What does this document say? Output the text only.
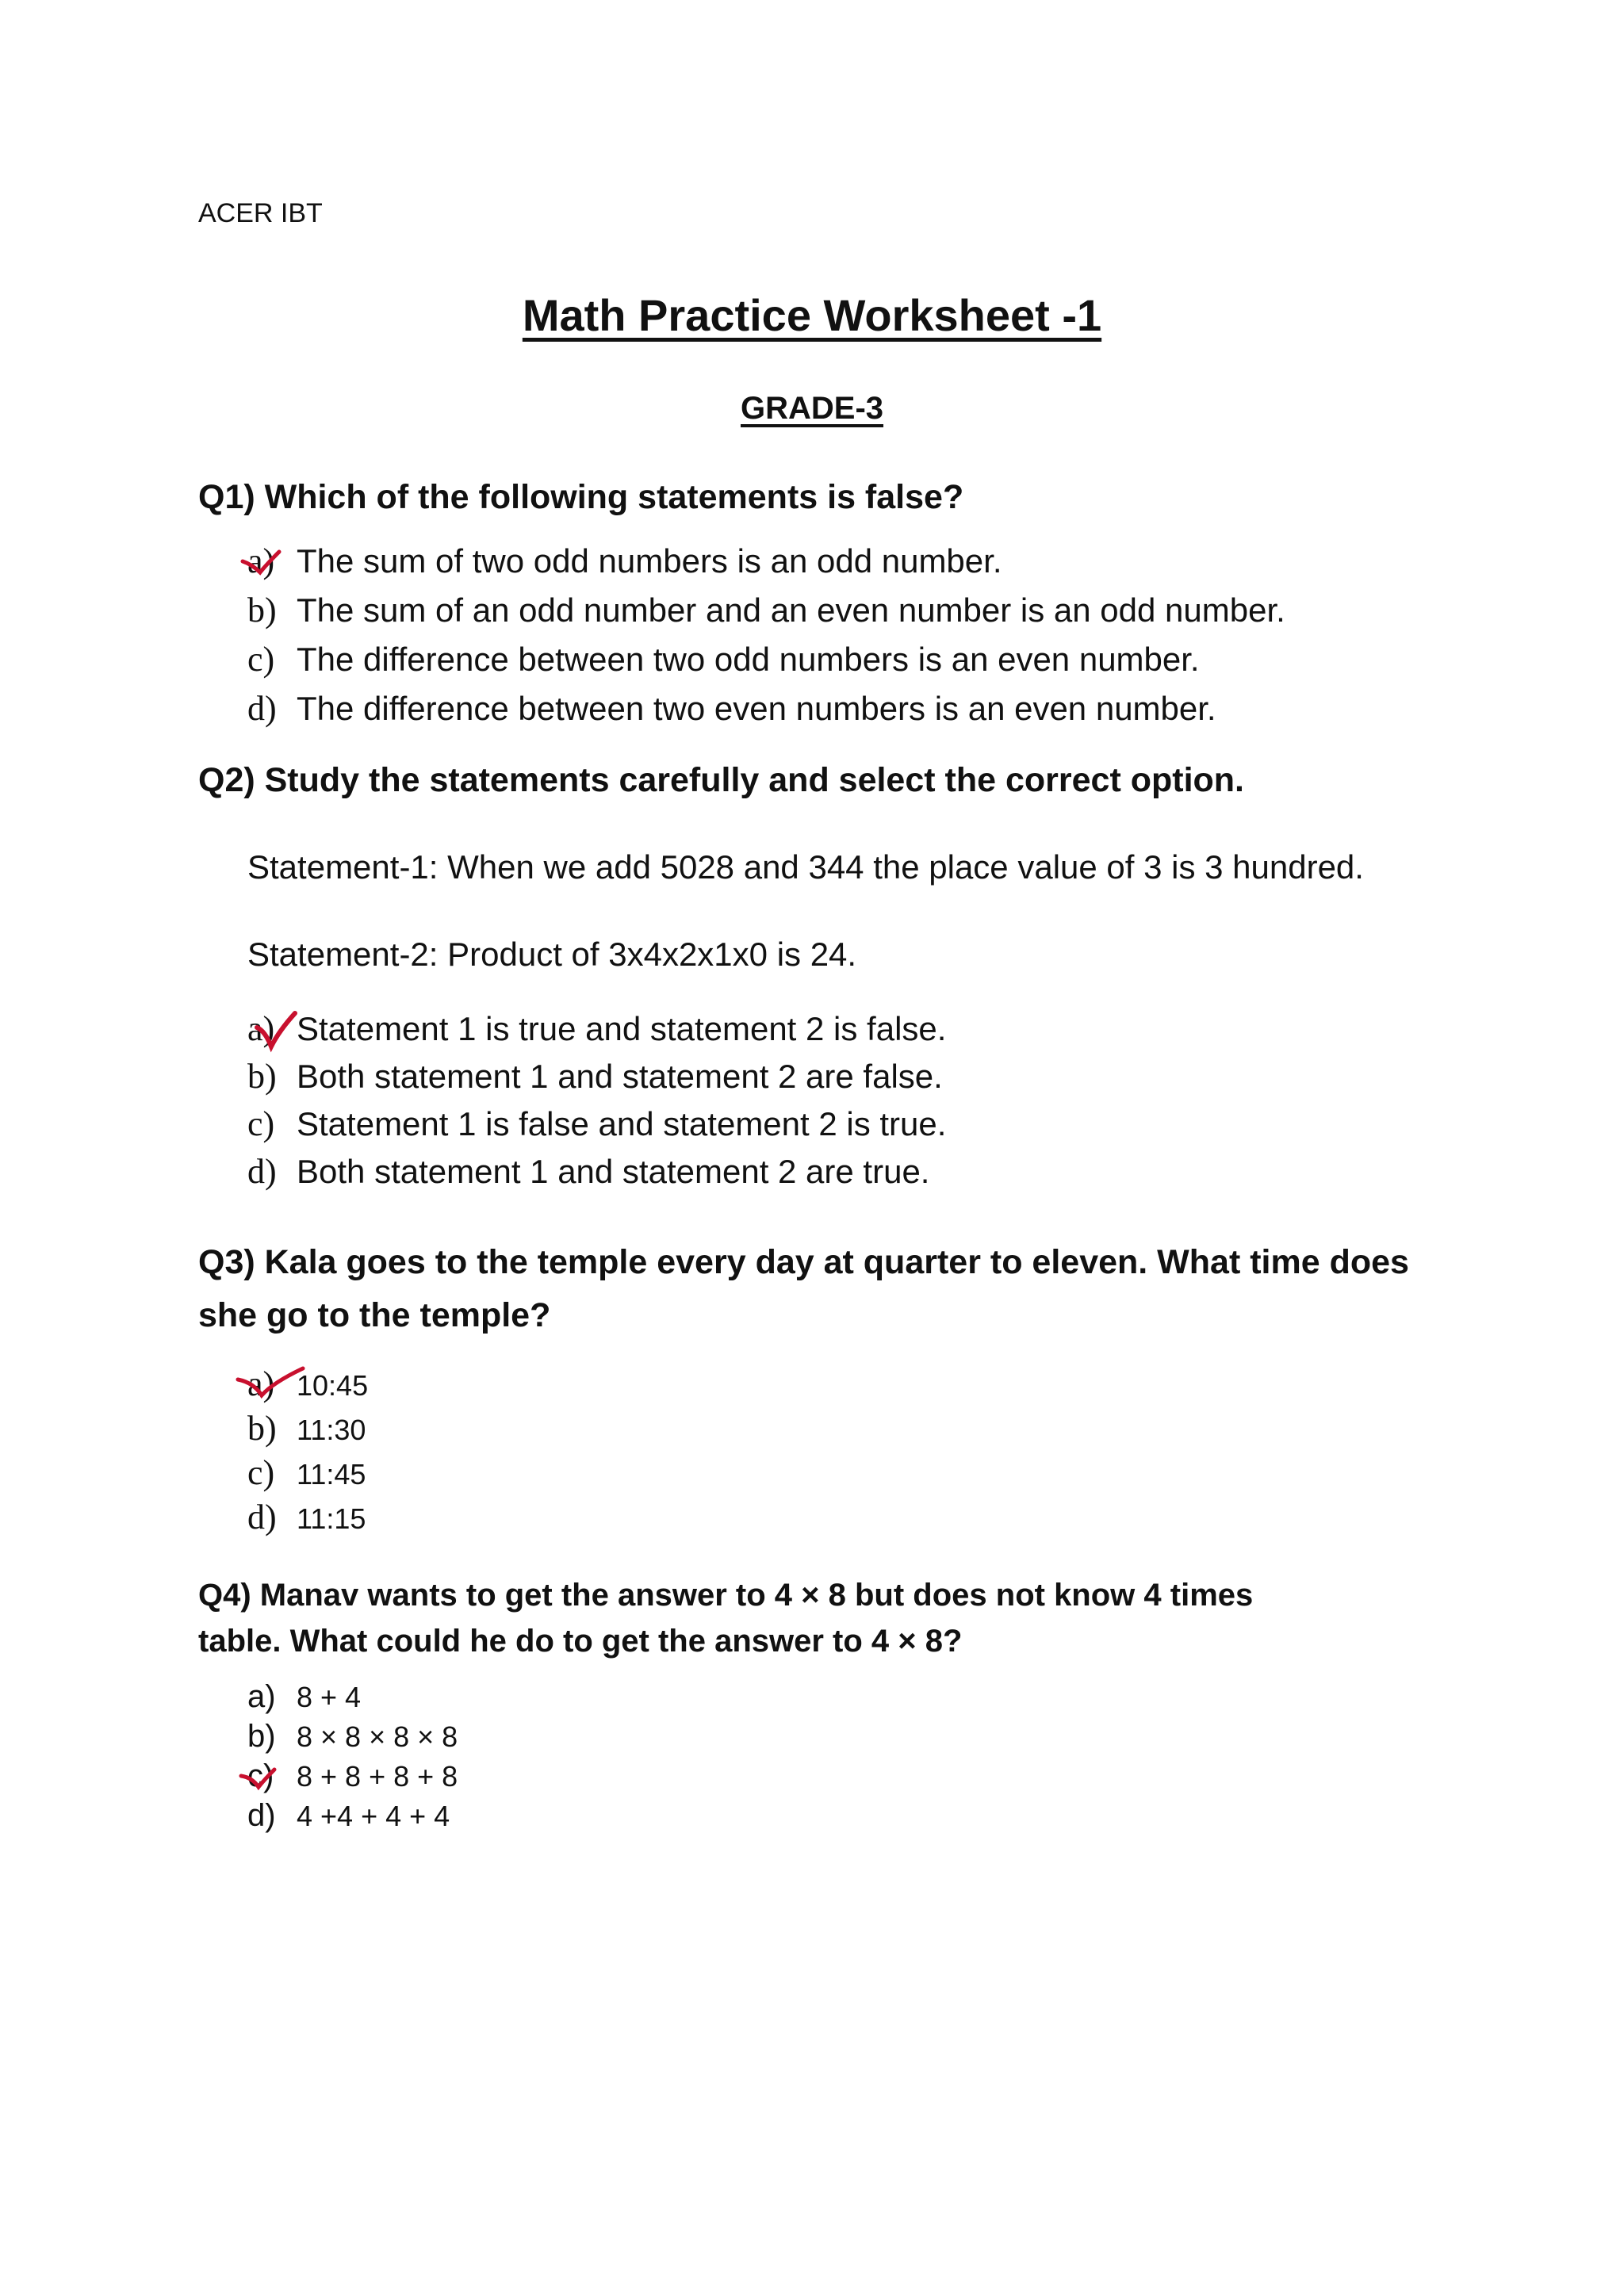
ACER IBT
Math Practice Worksheet -1
GRADE-3
Q1) Which of the following statements is false?
a) The sum of two odd numbers is an odd number.
b) The sum of an odd number and an even number is an odd number.
c) The difference between two odd numbers is an even number.
d) The difference between two even numbers is an even number.
Q2) Study the statements carefully and select the correct option.
Statement-1: When we add 5028 and 344 the place value of 3 is 3 hundred.
Statement-2: Product of 3x4x2x1x0 is 24.
a) Statement 1 is true and statement 2 is false.
b) Both statement 1 and statement 2 are false.
c) Statement 1 is false and statement 2 is true.
d) Both statement 1 and statement 2 are true.
Q3) Kala goes to the temple every day at quarter to eleven. What time does
she go to the temple?
a) 10:45
b) 11:30
c) 11:45
d) 11:15
Q4) Manav wants to get the answer to 4 × 8 but does not know 4 times
table. What could he do to get the answer to 4 × 8?
a) 8 + 4
b) 8 × 8 × 8 × 8
c) 8 + 8 + 8 + 8
d) 4 +4 + 4 + 4
